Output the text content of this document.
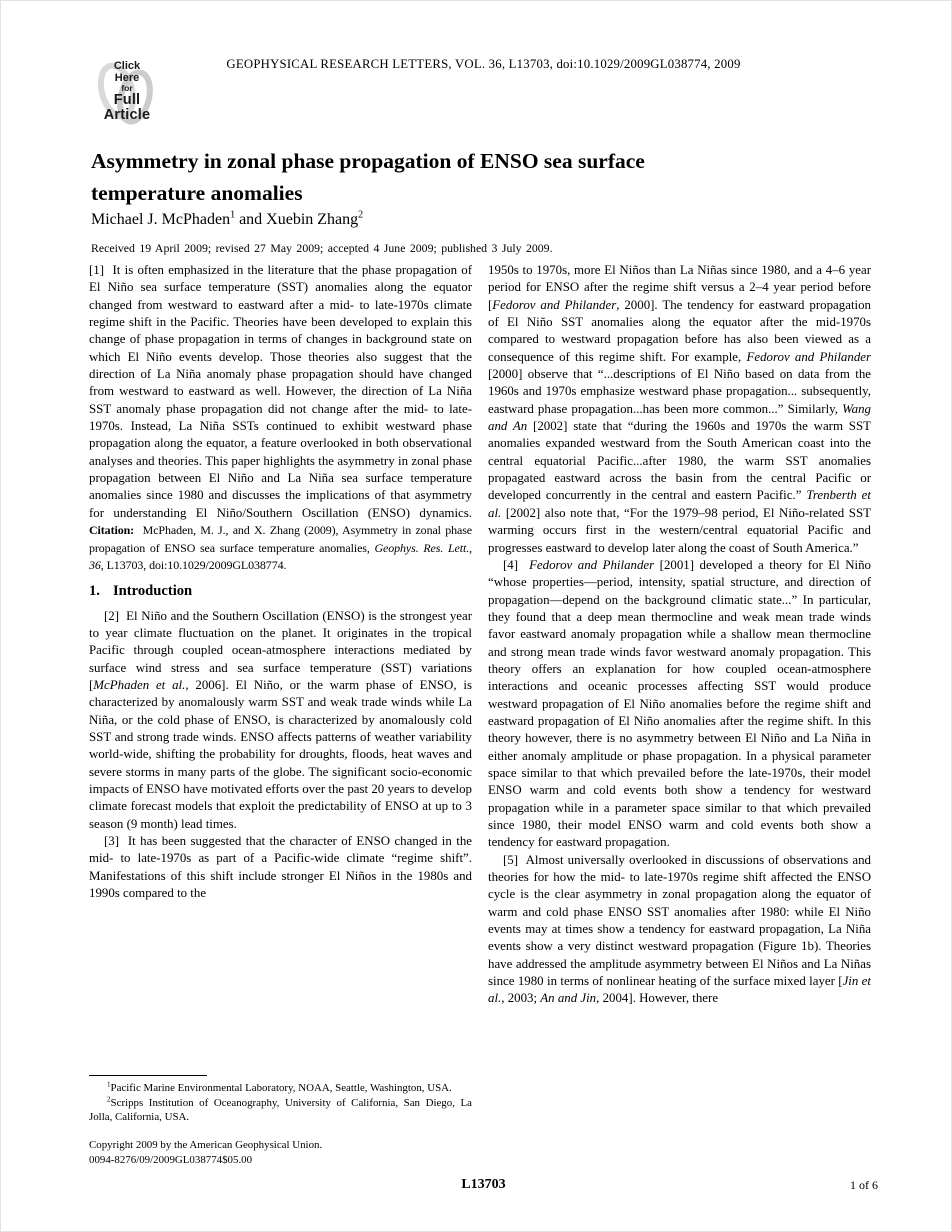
GEOPHYSICAL RESEARCH LETTERS, VOL. 36, L13703, doi:10.1029/2009GL038774, 2009
Click
Here
for
Full
Article
Asymmetry in zonal phase propagation of ENSO sea surface
temperature anomalies
Michael J. McPhaden$^1$ and Xuebin Zhang$^2$
Received 19 April 2009; revised 27 May 2009; accepted 4 June 2009; published 3 July 2009.

[1]  It is often emphasized in the literature that the phase propagation of El Niño sea surface temperature (SST) anomalies along the equator changed from westward to eastward after a mid- to late-1970s climate regime shift in the Pacific. Theories have been developed to explain this change of phase propagation in terms of changes in background state on which El Niño events develop. Those theories also suggest that the direction of La Niña anomaly phase propagation should have changed from westward to eastward as well. However, the direction of La Niña SST anomaly phase propagation did not change after the mid- to late-1970s. Instead, La Niña SSTs continued to exhibit westward phase propagation along the equator, a feature overlooked in both observational analyses and theories. This paper highlights the asymmetry in zonal phase propagation between El Niño and La Niña sea surface temperature anomalies since 1980 and discusses the implications of that asymmetry for understanding El Niño/Southern Oscillation (ENSO) dynamics. Citation:  McPhaden, M. J., and X. Zhang (2009), Asymmetry in zonal phase propagation of ENSO sea surface temperature anomalies, Geophys. Res. Lett., 36, L13703, doi:10.1029/2009GL038774.

1. Introduction

[2]  El Niño and the Southern Oscillation (ENSO) is the strongest year to year climate fluctuation on the planet. It originates in the tropical Pacific through coupled ocean-atmosphere interactions mediated by surface wind stress and sea surface temperature (SST) variations [McPhaden et al., 2006]. El Niño, or the warm phase of ENSO, is characterized by anomalously warm SST and weak trade winds while La Niña, or the cold phase of ENSO, is characterized by anomalously cold SST and strong trade winds. ENSO affects patterns of weather variability world-wide, shifting the probability for droughts, floods, heat waves and severe storms in many parts of the globe. The significant socio-economic impacts of ENSO have motivated efforts over the past 20 years to develop climate forecast models that exploit the predictability of ENSO at up to 3 season (9 month) lead times.

[3]  It has been suggested that the character of ENSO changed in the mid- to late-1970s as part of a Pacific-wide climate “regime shift”. Manifestations of this shift include stronger El Niños in the 1980s and 1990s compared to the

$^1$Pacific Marine Environmental Laboratory, NOAA, Seattle, Washington, USA.

$^2$Scripps Institution of Oceanography, University of California, San Diego, La Jolla, California, USA.

Copyright 2009 by the American Geophysical Union.
0094-8276/09/2009GL038774$05.00

1950s to 1970s, more El Niños than La Niñas since 1980, and a 4–6 year period for ENSO after the regime shift versus a 2–4 year period before [Fedorov and Philander, 2000]. The tendency for eastward propagation of El Niño SST anomalies along the equator after the mid-1970s compared to westward propagation before has also been viewed as a consequence of this regime shift. For example, Fedorov and Philander [2000] observe that “...descriptions of El Niño based on data from the 1960s and 1970s emphasize westward phase propagation... subsequently, eastward phase propagation...has been more common...” Similarly, Wang and An [2002] state that “during the 1960s and 1970s the warm SST anomalies expanded westward from the South American coast into the central equatorial Pacific...after 1980, the warm SST anomalies propagated eastward across the basin from the central Pacific or developed concurrently in the central and eastern Pacific.” Trenberth et al. [2002] also note that, “For the 1979–98 period, El Niño-related SST warming occurs first in the western/central equatorial Pacific and progresses eastward to develop later along the coast of South America.”

[4]  Fedorov and Philander [2001] developed a theory for El Niño “whose properties—period, intensity, spatial structure, and direction of propagation—depend on the background climatic state...” In particular, they found that a deep mean thermocline and weak mean trade winds favor eastward anomaly propagation while a shallow mean thermocline and strong mean trade winds favor westward anomaly propagation. This theory offers an explanation for how coupled ocean-atmosphere interactions and oceanic processes affecting SST would produce westward propagation of El Niño anomalies before the regime shift and eastward propagation of El Niño anomalies after the regime shift. In this theory however, there is no asymmetry between El Niño and La Niña in either anomaly amplitude or phase propagation. In a physical parameter space similar to that which prevailed before the late-1970s, their model ENSO warm and cold events both show a tendency for westward propagation while in a parameter space similar to that which prevailed since 1980, their model ENSO warm and cold events both show a tendency for eastward propagation.

[5]  Almost universally overlooked in discussions of observations and theories for how the mid- to late-1970s regime shift affected the ENSO cycle is the clear asymmetry in zonal propagation along the equator of warm and cold phase ENSO SST anomalies after 1980: while El Niño events may at times show a tendency for eastward propagation, La Niña events show a very distinct westward propagation (Figure 1b). Theories have addressed the amplitude asymmetry between El Niños and La Niñas since 1980 in terms of nonlinear heating of the surface mixed layer [Jin et al., 2003; An and Jin, 2004]. However, there

L13703	1 of 6
